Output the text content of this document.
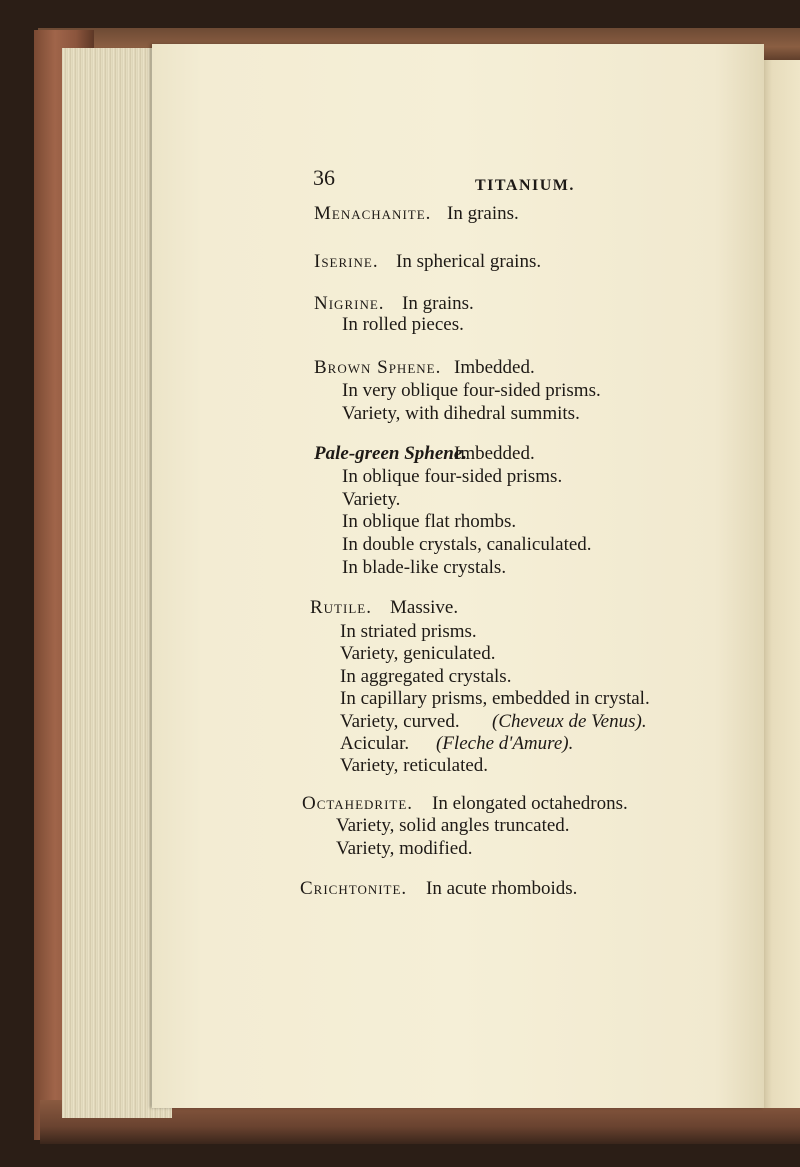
36	TITANIUM.
Menachanite. In grains.
Iserine. In spherical grains.
Nigrine. In grains.
In rolled pieces.
Brown Sphene. Imbedded.
In very oblique four-sided prisms.
Variety, with dihedral summits.
Pale-green Sphene.
Imbedded.
In oblique four-sided prisms.
Variety.
In oblique flat rhombs.
In double crystals, canaliculated.
In blade-like crystals.
Rutile. Massive.
In striated prisms.
Variety, geniculated.
In aggregated crystals.
In capillary prisms, embedded in crystal.
Variety, curved. (Cheveux de Venus).
Acicular. (Fleche d'Amure).
Variety, reticulated.
Octahedrite. In elongated octahedrons.
Variety, solid angles truncated.
Variety, modified.
Crichtonite. In acute rhomboids.
